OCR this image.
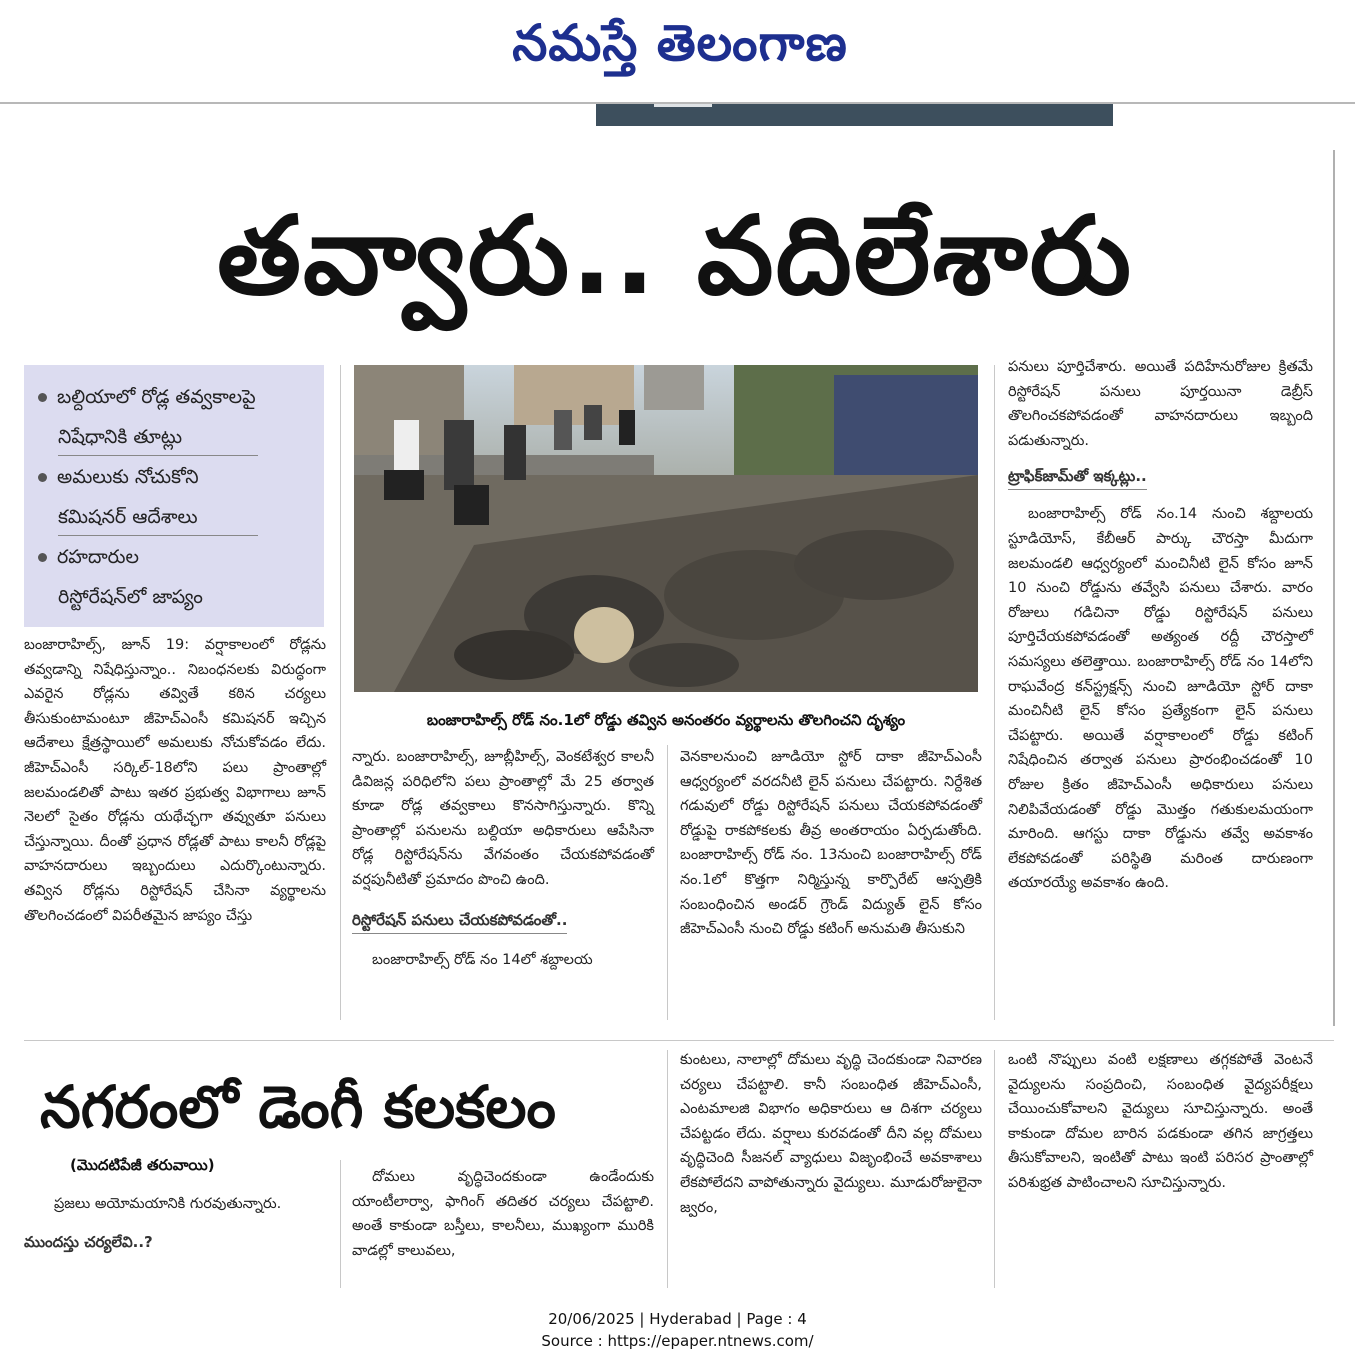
నమస్తే తెలంగాణ
తవ్వారు.. వదిలేశారు
బల్దియాలో రోడ్ల తవ్వకాలపై
నిషేధానికి తూట్లు
అమలుకు నోచుకోని
కమిషనర్ ఆదేశాలు
రహదారుల
రిస్టోరేషన్‌లో జాప్యం
బంజారాహిల్స్ రోడ్ నం.1లో రోడ్డు తవ్విన అనంతరం వ్యర్థాలను తొలగించని దృశ్యం

బంజారాహిల్స్, జూన్ 19: వర్షాకాలంలో రోడ్లను తవ్వడాన్ని నిషేధిస్తున్నాం.. నిబంధనలకు విరుద్ధంగా ఎవరైన రోడ్లను తవ్వితే కఠిన చర్యలు తీసుకుంటామంటూ జీహెచ్‌ఎంసీ కమిషనర్ ఇచ్చిన ఆదేశాలు క్షేత్రస్థాయిలో అమలుకు నోచుకోవడం లేదు. జీహెచ్‌ఎంసీ సర్కిల్-18లోని పలు ప్రాంతాల్లో జలమండలితో పాటు ఇతర ప్రభుత్వ విభాగాలు జూన్ నెలలో సైతం రోడ్లను యథేచ్ఛగా తవ్వుతూ పనులు చేస్తున్నాయి. దీంతో ప్రధాన రోడ్లతో పాటు కాలనీ రోడ్లపై వాహనదారులు ఇబ్బందులు ఎదుర్కొంటున్నారు. తవ్విన రోడ్లను రిస్టోరేషన్ చేసినా వ్యర్థాలను తొలగించడంలో విపరీతమైన జాప్యం చేస్తు

న్నారు. బంజారాహిల్స్, జూబ్లీహిల్స్, వెంకటేశ్వర కాలనీ డివిజన్ల పరిధిలోని పలు ప్రాంతాల్లో మే 25 తర్వాత కూడా రోడ్ల తవ్వకాలు కొనసాగిస్తున్నారు. కొన్ని ప్రాంతాల్లో పనులను బల్దియా అధికారులు ఆపేసినా రోడ్ల రిస్టోరేషన్‌ను వేగవంతం చేయకపోవడంతో వర్షపునీటితో ప్రమాదం పొంచి ఉంది.

రిస్టోరేషన్ పనులు చేయకపోవడంతో..

బంజారాహిల్స్ రోడ్ నం 14లో శబ్దాలయ

వెనకాలనుంచి జూడియో స్టోర్ దాకా జీహెచ్‌ఎంసీ ఆధ్వర్యంలో వరదనీటి లైన్ పనులు చేపట్టారు. నిర్దేశిత గడువులో రోడ్డు రిస్టోరేషన్ పనులు చేయకపోవడంతో రోడ్డుపై రాకపోకలకు తీవ్ర అంతరాయం ఏర్పడుతోంది. బంజారాహిల్స్ రోడ్ నం. 13నుంచి బంజారాహిల్స్ రోడ్ నం.1లో కొత్తగా నిర్మిస్తున్న కార్పొరేట్ ఆస్పత్రికి సంబంధించిన అండర్ గ్రౌండ్ విద్యుత్ లైన్ కోసం జీహెచ్‌ఎంసీ నుంచి రోడ్డు కటింగ్ అనుమతి తీసుకుని

పనులు పూర్తిచేశారు. అయితే పదిహేనురోజుల క్రితమే రిస్టోరేషన్ పనులు పూర్తయినా డెబ్రీస్ తొలగించకపోవడంతో వాహనదారులు ఇబ్బంది పడుతున్నారు.

ట్రాఫిక్‌జామ్‌తో ఇక్కట్లు..

బంజారాహిల్స్ రోడ్ నం.14 నుంచి శబ్దాలయ స్టూడియోస్, కేబీఆర్ పార్కు చౌరస్తా మీదుగా జలమండలి ఆధ్వర్యంలో మంచినీటి లైన్ కోసం జూన్ 10 నుంచి రోడ్డును తవ్వేసి పనులు చేశారు. వారం రోజులు గడిచినా రోడ్డు రిస్టోరేషన్ పనులు పూర్తిచేయకపోవడంతో అత్యంత రద్దీ చౌరస్తాలో సమస్యలు తలెత్తాయి. బంజారాహిల్స్ రోడ్ నం 14లోని రాఘవేంద్ర కన్‌స్ట్రక్షన్స్ నుంచి జూడియో స్టోర్ దాకా మంచినీటి లైన్ కోసం ప్రత్యేకంగా లైన్ పనులు చేపట్టారు. అయితే వర్షాకాలంలో రోడ్డు కటింగ్ నిషేధించిన తర్వాత పనులు ప్రారంభించడంతో 10 రోజుల క్రితం జీహెచ్‌ఎంసీ అధికారులు పనులు నిలిపివేయడంతో రోడ్డు మొత్తం గతుకులమయంగా మారింది. ఆగస్టు దాకా రోడ్డును తవ్వే అవకాశం లేకపోవడంతో పరిస్థితి మరింత దారుణంగా తయారయ్యే అవకాశం ఉంది.

నగరంలో డెంగీ కలకలం
(మొదటిపేజీ తరువాయి)

ప్రజలు అయోమయానికి గురవుతున్నారు.

ముందస్తు చర్యలేవి..?

దోమలు వృద్ధిచెందకుండా ఉండేందుకు యాంటీలార్వా, ఫాగింగ్ తదితర చర్యలు చేపట్టాలి. అంతే కాకుండా బస్తీలు, కాలనీలు, ముఖ్యంగా మురికి వాడల్లో కాలువలు,

కుంటలు, నాలాల్లో దోమలు వృద్ధి చెందకుండా నివారణ చర్యలు చేపట్టాలి. కానీ సంబంధిత జీహెచ్‌ఎంసీ, ఎంటమాలజి విభాగం అధికారులు ఆ దిశగా చర్యలు చేపట్టడం లేదు. వర్షాలు కురవడంతో దీని వల్ల దోమలు వృద్ధిచెంది సీజనల్ వ్యాధులు విజృంభించే అవకాశాలు లేకపోలేదని వాపోతున్నారు వైద్యులు. మూడురోజులైనా జ్వరం,

ఒంటి నొప్పులు వంటి లక్షణాలు తగ్గకపోతే వెంటనే వైద్యులను సంప్రదించి, సంబంధిత వైద్యపరీక్షలు చేయించుకోవాలని వైద్యులు సూచిస్తున్నారు. అంతే కాకుండా దోమల బారిన పడకుండా తగిన జాగ్రత్తలు తీసుకోవాలని, ఇంటితో పాటు ఇంటి పరిసర ప్రాంతాల్లో పరిశుభ్రత పాటించాలని సూచిస్తున్నారు.

20/06/2025 | Hyderabad | Page : 4
Source : https://epaper.ntnews.com/
